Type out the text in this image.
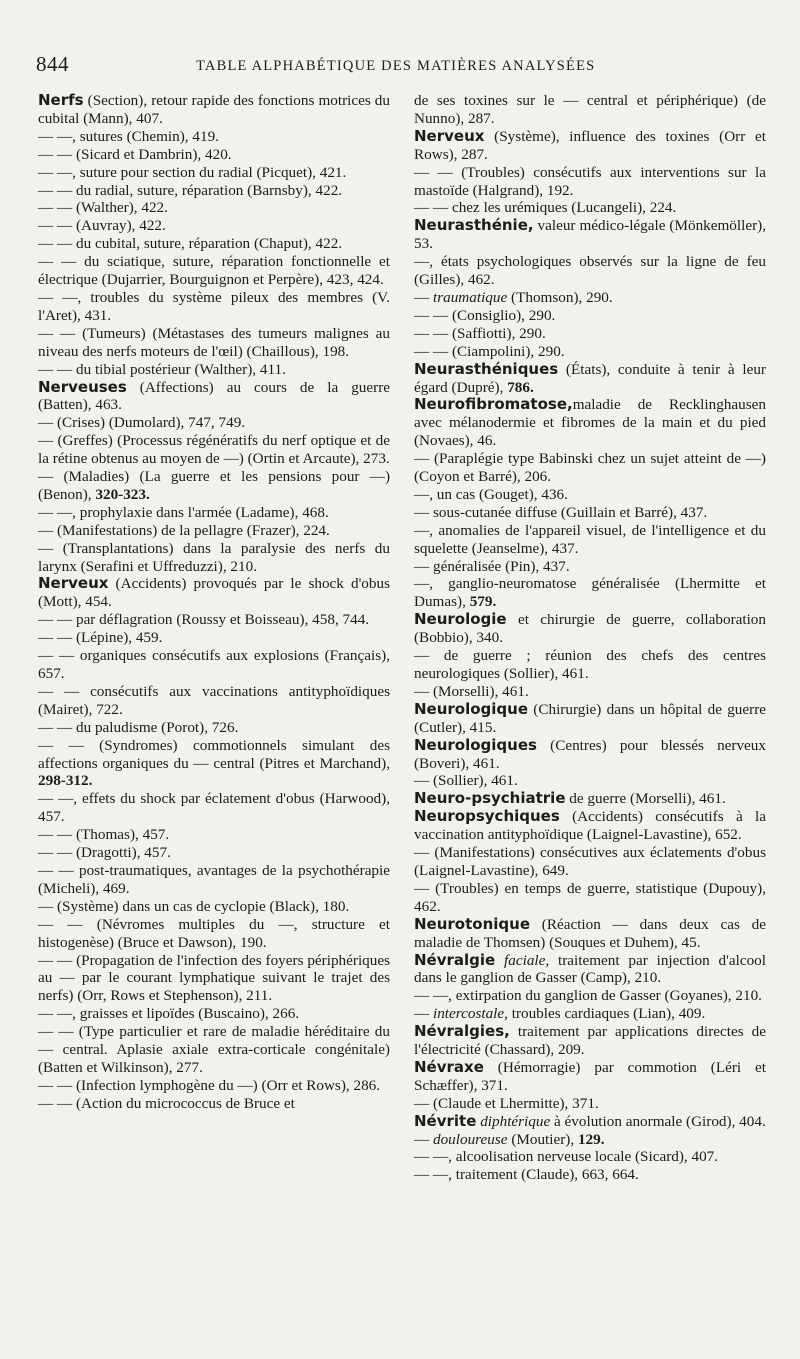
844	TABLE ALPHABÉTIQUE DES MATIÈRES ANALYSÉES

Nerfs (Section), retour rapide des fonctions motrices du cubital (Mann), 407.

— —, sutures (Chemin), 419.

— — (Sicard et Dambrin), 420.

— —, suture pour section du radial (Picquet), 421.

— — du radial, suture, réparation (Barnsby), 422.

— — (Walther), 422.

— — (Auvray), 422.

— — du cubital, suture, réparation (Chaput), 422.

— — du sciatique, suture, réparation fonctionnelle et électrique (Dujarrier, Bourguignon et Perpère), 423, 424.

— —, troubles du système pileux des membres (V. l'Aret), 431.

— — (Tumeurs) (Métastases des tumeurs malignes au niveau des nerfs moteurs de l'œil) (Chaillous), 198.

— — du tibial postérieur (Walther), 411.

Nerveuses (Affections) au cours de la guerre (Batten), 463.

— (Crises) (Dumolard), 747, 749.

— (Greffes) (Processus régénératifs du nerf optique et de la rétine obtenus au moyen de —) (Ortin et Arcaute), 273.

— (Maladies) (La guerre et les pensions pour —) (Benon), 320-323.

— —, prophylaxie dans l'armée (Ladame), 468.

— (Manifestations) de la pellagre (Frazer), 224.

— (Transplantations) dans la paralysie des nerfs du larynx (Serafini et Uffreduzzi), 210.

Nerveux (Accidents) provoqués par le shock d'obus (Mott), 454.

— — par déflagration (Roussy et Boisseau), 458, 744.

— — (Lépine), 459.

— — organiques consécutifs aux explosions (Français), 657.

— — consécutifs aux vaccinations antityphoïdiques (Mairet), 722.

— — du paludisme (Porot), 726.

— — (Syndromes) commotionnels simulant des affections organiques du — central (Pitres et Marchand), 298-312.

— —, effets du shock par éclatement d'obus (Harwood), 457.

— — (Thomas), 457.

— — (Dragotti), 457.

— — post-traumatiques, avantages de la psychothérapie (Micheli), 469.

— (Système) dans un cas de cyclopie (Black), 180.

— — (Névromes multiples du —, structure et histogenèse) (Bruce et Dawson), 190.

— — (Propagation de l'infection des foyers périphériques au — par le courant lymphatique suivant le trajet des nerfs) (Orr, Rows et Stephenson), 211.

— —, graisses et lipoïdes (Buscaino), 266.

— — (Type particulier et rare de maladie héréditaire du — central. Aplasie axiale extra-corticale congénitale) (Batten et Wilkinson), 277.

— — (Infection lymphogène du —) (Orr et Rows), 286.

— — (Action du micrococcus de Bruce et

de ses toxines sur le — central et périphérique) (de Nunno), 287.

Nerveux (Système), influence des toxines (Orr et Rows), 287.

— — (Troubles) consécutifs aux interventions sur la mastoïde (Halgrand), 192.

— — chez les urémiques (Lucangeli), 224.

Neurasthénie, valeur médico-légale (Mönkemöller), 53.

—, états psychologiques observés sur la ligne de feu (Gilles), 462.

— traumatique (Thomson), 290.

— — (Consiglio), 290.

— — (Saffiotti), 290.

— — (Ciampolini), 290.

Neurasthéniques (États), conduite à tenir à leur égard (Dupré), 786.

Neurofibromatose,maladie de Recklinghausen avec mélanodermie et fibromes de la main et du pied (Novaes), 46.

— (Paraplégie type Babinski chez un sujet atteint de —) (Coyon et Barré), 206.

—, un cas (Gouget), 436.

— sous-cutanée diffuse (Guillain et Barré), 437.

—, anomalies de l'appareil visuel, de l'intelligence et du squelette (Jeanselme), 437.

— généralisée (Pin), 437.

—, ganglio-neuromatose généralisée (Lhermitte et Dumas), 579.

Neurologie et chirurgie de guerre, collaboration (Bobbio), 340.

— de guerre ; réunion des chefs des centres neurologiques (Sollier), 461.

— (Morselli), 461.

Neurologique (Chirurgie) dans un hôpital de guerre (Cutler), 415.

Neurologiques (Centres) pour blessés nerveux (Boveri), 461.

— (Sollier), 461.

Neuro-psychiatrie de guerre (Morselli), 461.

Neuropsychiques (Accidents) consécutifs à la vaccination antityphoïdique (Laignel-Lavastine), 652.

— (Manifestations) consécutives aux éclatements d'obus (Laignel-Lavastine), 649.

— (Troubles) en temps de guerre, statistique (Dupouy), 462.

Neurotonique (Réaction — dans deux cas de maladie de Thomsen) (Souques et Duhem), 45.

Névralgie faciale, traitement par injection d'alcool dans le ganglion de Gasser (Camp), 210.

— —, extirpation du ganglion de Gasser (Goyanes), 210.

— intercostale, troubles cardiaques (Lian), 409.

Névralgies, traitement par applications directes de l'électricité (Chassard), 209.

Névraxe (Hémorragie) par commotion (Léri et Schæffer), 371.

— (Claude et Lhermitte), 371.

Névrite diphtérique à évolution anormale (Girod), 404.

— douloureuse (Moutier), 129.

— —, alcoolisation nerveuse locale (Sicard), 407.

— —, traitement (Claude), 663, 664.
